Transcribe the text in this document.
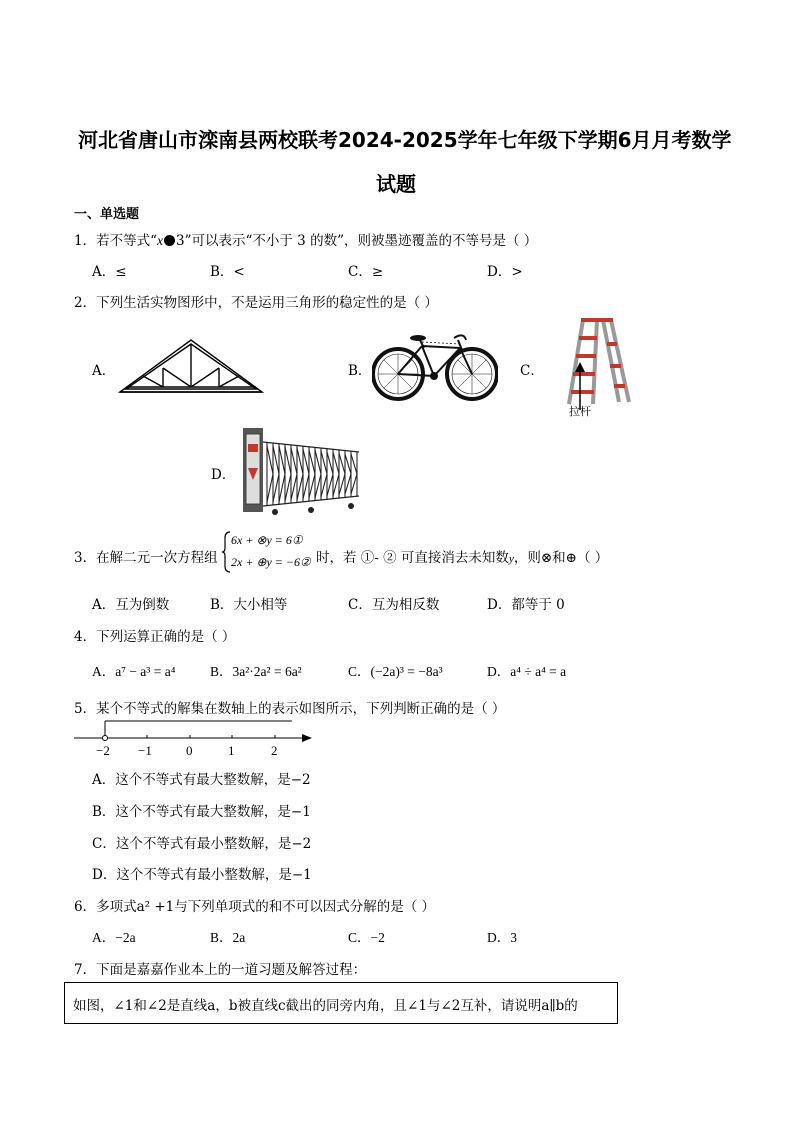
河北省唐山市滦南县两校联考2024-2025学年七年级下学期6月月考数学
试题
一、单选题
1．若不等式“x 3”可以表示“不小于 3 的数”，则被墨迹覆盖的不等号是（ ）
A．≤	B．<	C．≥	D．>
2．下列生活实物图形中，不是运用三角形的稳定性的是（ ）
A．	B．	C．
D．
拉杆
3．在解二元一次方程组
6x + ⊗y = 6①
2x + ⊕y = −6② 时，若 ①- ② 可直接消去未知数y，则⊗和⊕（ ）
A．互为倒数	B．大小相等	C．互为相反数	D．都等于 0
4．下列运算正确的是（ ）
A．a⁷ − a³ = a⁴	B．3a²·2a² = 6a²	C．(−2a)³ = −8a³	D．a⁴ ÷ a⁴ = a
5．某个不等式的解集在数轴上的表示如图所示，下列判断正确的是（ ）
−2 −1	0	1	2
A．这个不等式有最大整数解，是−2
B．这个不等式有最大整数解，是−1
C．这个不等式有最小整数解，是−2
D．这个不等式有最小整数解，是−1
6．多项式a² +1与下列单项式的和不可以因式分解的是（ ）
A．−2a	B．2a	C．−2	D．3
7．下面是嘉嘉作业本上的一道习题及解答过程：
如图，∠1和∠2是直线a，b被直线c截出的同旁内角，且∠1与∠2互补，请说明a∥b的
